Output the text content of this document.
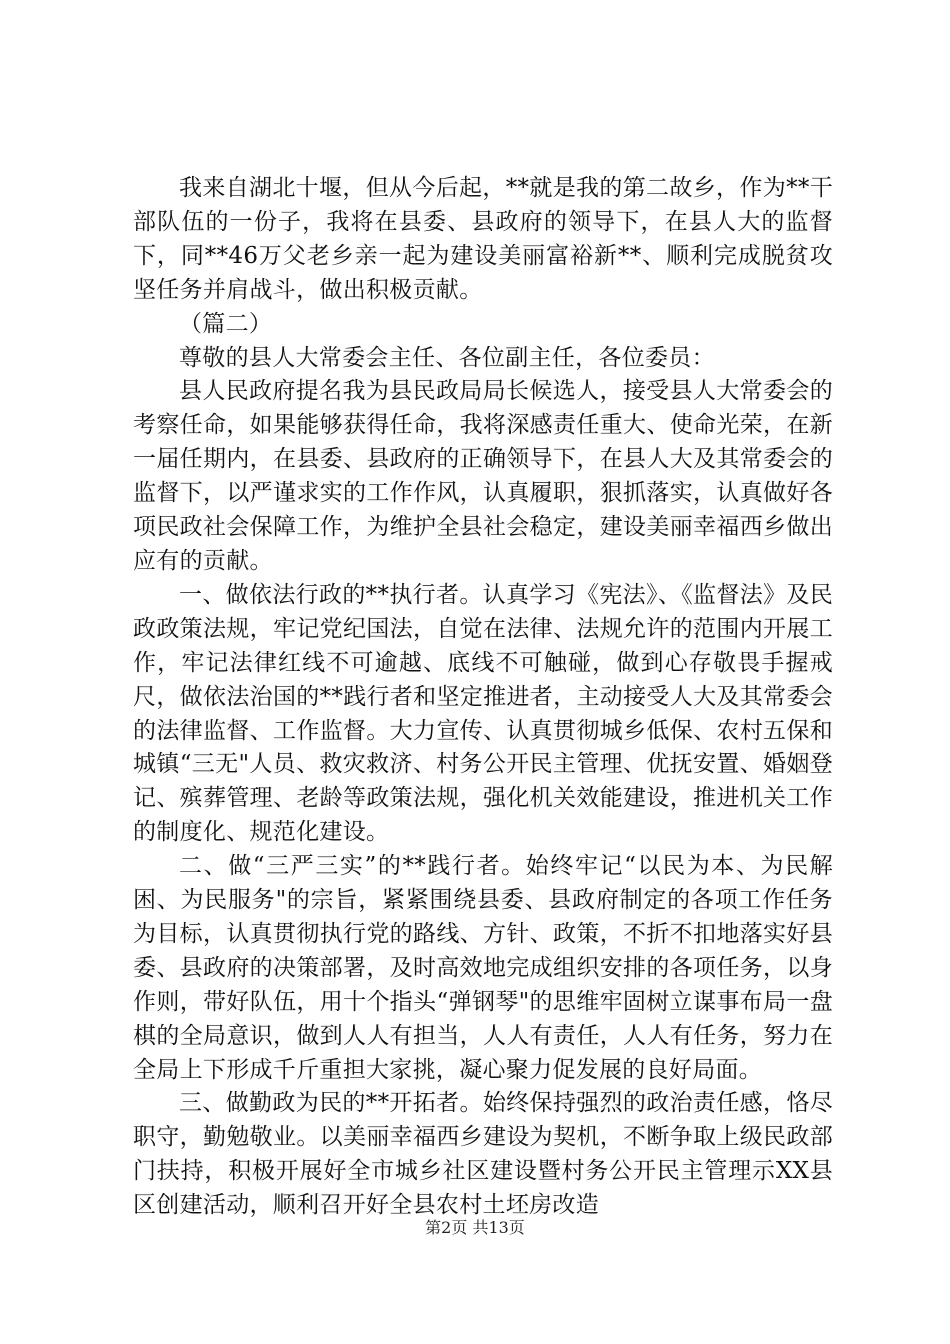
我来自湖北十堰，但从今后起，**就是我的第二故乡，作为**干部队伍的一份子，我将在县委、县政府的领导下，在县人大的监督下，同**46万父老乡亲一起为建设美丽富裕新**、顺利完成脱贫攻坚任务并肩战斗，做出积极贡献。

（篇二）

尊敬的县人大常委会主任、各位副主任，各位委员：

县人民政府提名我为县民政局局长候选人，接受县人大常委会的考察任命，如果能够获得任命，我将深感责任重大、使命光荣，在新一届任期内，在县委、县政府的正确领导下，在县人大及其常委会的监督下，以严谨求实的工作作风，认真履职，狠抓落实，认真做好各项民政社会保障工作，为维护全县社会稳定，建设美丽幸福西乡做出应有的贡献。

一、做依法行政的**执行者。认真学习《宪法》、《监督法》及民政政策法规，牢记党纪国法，自觉在法律、法规允许的范围内开展工作，牢记法律红线不可逾越、底线不可触碰，做到心存敬畏手握戒尺，做依法治国的**践行者和坚定推进者，主动接受人大及其常委会的法律监督、工作监督。大力宣传、认真贯彻城乡低保、农村五保和城镇“三无"人员、救灾救济、村务公开民主管理、优抚安置、婚姻登记、殡葬管理、老龄等政策法规，强化机关效能建设，推进机关工作的制度化、规范化建设。

二、做“三严三实”的**践行者。始终牢记“以民为本、为民解困、为民服务"的宗旨，紧紧围绕县委、县政府制定的各项工作任务为目标，认真贯彻执行党的路线、方针、政策，不折不扣地落实好县委、县政府的决策部署，及时高效地完成组织安排的各项任务，以身作则，带好队伍，用十个指头“弹钢琴"的思维牢固树立谋事布局一盘棋的全局意识，做到人人有担当，人人有责任，人人有任务，努力在全局上下形成千斤重担大家挑，凝心聚力促发展的良好局面。

三、做勤政为民的**开拓者。始终保持强烈的政治责任感，恪尽职守，勤勉敬业。以美丽幸福西乡建设为契机，不断争取上级民政部门扶持，积极开展好全市城乡社区建设暨村务公开民主管理示XX县区创建活动，顺利召开好全县农村土坯房改造

第2页 共13页
